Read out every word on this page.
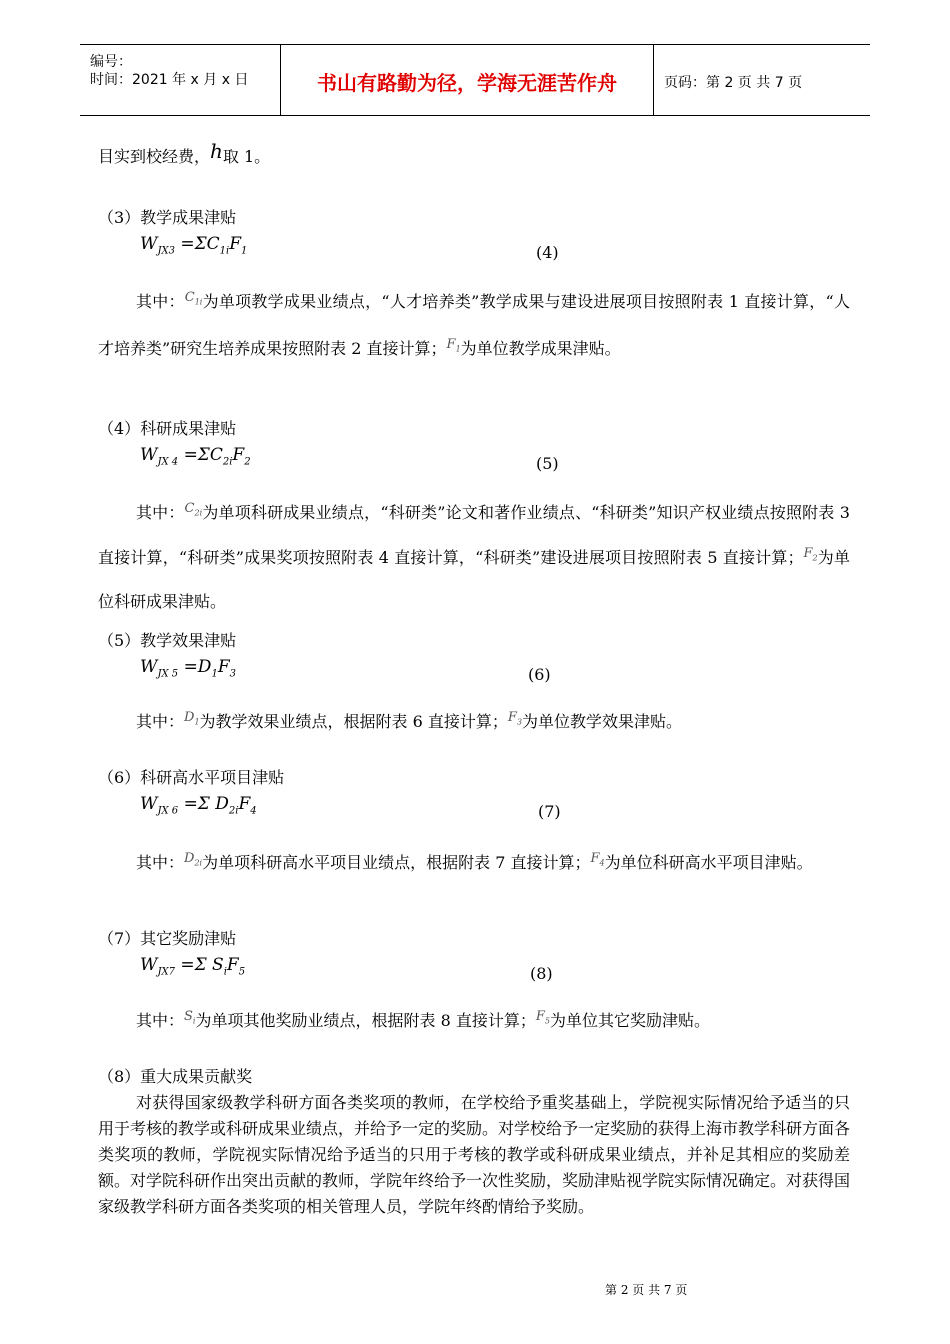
编号：
时间：2021 年 x 月 x 日	书山有路勤为径，学海无涯苦作舟	页码：第 2 页 共 7 页
目实到校经费，h取 1。
（3）教学成果津贴
$W_{JX3} =\Sigma C_{1i}F_1$	(4)
其中：$^{C_{1i}}$为单项教学成果业绩点，“人才培养类”教学成果与建设进展项目按照附表 1 直接计算，“人才培养类”研究生培养成果按照附表 2 直接计算；$^{F_1}$为单位教学成果津贴。
（4）科研成果津贴
$W_{JX 4} =\Sigma C_{2i}F_2$	(5)
其中：$^{C_{2i}}$为单项科研成果业绩点，“科研类”论文和著作业绩点、“科研类”知识产权业绩点按照附表 3 直接计算，“科研类”成果奖项按照附表 4 直接计算，“科研类”建设进展项目按照附表 5 直接计算；$^{F_2}$为单位科研成果津贴。
（5）教学效果津贴
$W_{JX 5} =D_1F_3$	(6)
其中：$^{D_1}$为教学效果业绩点，根据附表 6 直接计算；$^{F_3}$为单位教学效果津贴。
（6）科研高水平项目津贴
$W_{JX 6} =\Sigma$ $D_{2i}F_4$	(7)
其中：$^{D_{2i}}$为单项科研高水平项目业绩点，根据附表 7 直接计算；$^{F_4}$为单位科研高水平项目津贴。
（7）其它奖励津贴
$W_{JX7} =\Sigma$ $S_iF_5$	(8)
其中：$^{S_i}$为单项其他奖励业绩点，根据附表 8 直接计算；$^{F_5}$为单位其它奖励津贴。
（8）重大成果贡献奖
对获得国家级教学科研方面各类奖项的教师，在学校给予重奖基础上，学院视实际情况给予适当的只用于考核的教学或科研成果业绩点，并给予一定的奖励。对学校给予一定奖励的获得上海市教学科研方面各类奖项的教师，学院视实际情况给予适当的只用于考核的教学或科研成果业绩点，并补足其相应的奖励差额。对学院科研作出突出贡献的教师，学院年终给予一次性奖励，奖励津贴视学院实际情况确定。对获得国家级教学科研方面各类奖项的相关管理人员，学院年终酌情给予奖励。
第 2 页 共 7 页
